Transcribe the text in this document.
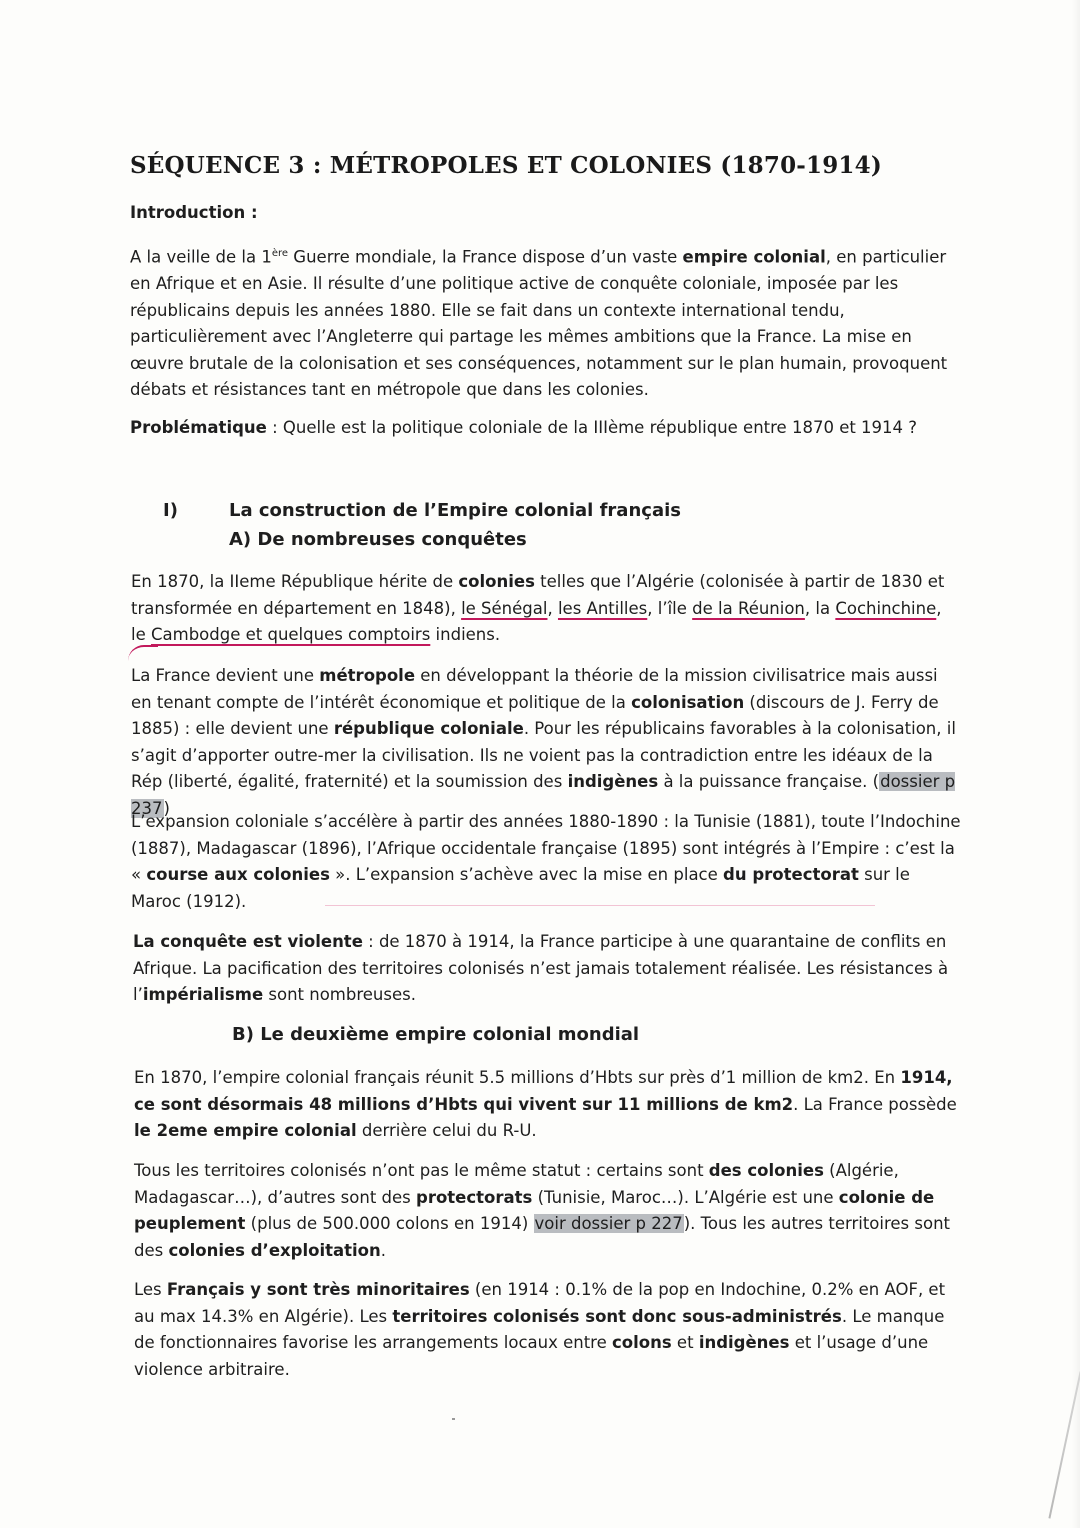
SÉQUENCE 3 : MÉTROPOLES ET COLONIES (1870-1914)
Introduction :

A la veille de la 1ère Guerre mondiale, la France dispose d’un vaste empire colonial, en particulier en Afrique et en Asie. Il résulte d’une politique active de conquête coloniale, imposée par les républicains depuis les années 1880. Elle se fait dans un contexte international tendu, particulièrement avec l’Angleterre qui partage les mêmes ambitions que la France. La mise en œuvre brutale de la colonisation et ses conséquences, notamment sur le plan humain, provoquent débats et résistances tant en métropole que dans les colonies.

Problématique : Quelle est la politique coloniale de la IIIème république entre 1870 et 1914 ?

I)	La construction de l’Empire colonial français
A) De nombreuses conquêtes

En 1870, la IIeme République hérite de colonies telles que l’Algérie (colonisée à partir de 1830 et transformée en département en 1848), le Sénégal, les Antilles, l’île de la Réunion, la Cochinchine, le Cambodge et quelques comptoirs indiens.

La France devient une métropole en développant la théorie de la mission civilisatrice mais aussi en tenant compte de l’intérêt économique et politique de la colonisation (discours de J. Ferry de 1885) : elle devient une république coloniale. Pour les républicains favorables à la colonisation, il s’agit d’apporter outre-mer la civilisation. Ils ne voient pas la contradiction entre les idéaux de la Rép (liberté, égalité, fraternité) et la soumission des indigènes à la puissance française. (dossier p 237)

L’expansion coloniale s’accélère à partir des années 1880-1890 : la Tunisie (1881), toute l’Indochine (1887), Madagascar (1896), l’Afrique occidentale française (1895) sont intégrés à l’Empire : c’est la « course aux colonies ». L’expansion s’achève avec la mise en place du protectorat sur le Maroc (1912).

La conquête est violente : de 1870 à 1914, la France participe à une quarantaine de conflits en Afrique. La pacification des territoires colonisés n’est jamais totalement réalisée. Les résistances à l’impérialisme sont nombreuses.

B) Le deuxième empire colonial mondial

En 1870, l’empire colonial français réunit 5.5 millions d’Hbts sur près d’1 million de km2. En 1914, ce sont désormais 48 millions d’Hbts qui vivent sur 11 millions de km2. La France possède le 2eme empire colonial derrière celui du R-U.

Tous les territoires colonisés n’ont pas le même statut : certains sont des colonies (Algérie, Madagascar…), d’autres sont des protectorats (Tunisie, Maroc…). L’Algérie est une colonie de peuplement (plus de 500.000 colons en 1914) voir dossier p 227). Tous les autres territoires sont des colonies d’exploitation.

Les Français y sont très minoritaires (en 1914 : 0.1% de la pop en Indochine, 0.2% en AOF, et au max 14.3% en Algérie). Les territoires colonisés sont donc sous-administrés. Le manque de fonctionnaires favorise les arrangements locaux entre colons et indigènes et l’usage d’une violence arbitraire.
